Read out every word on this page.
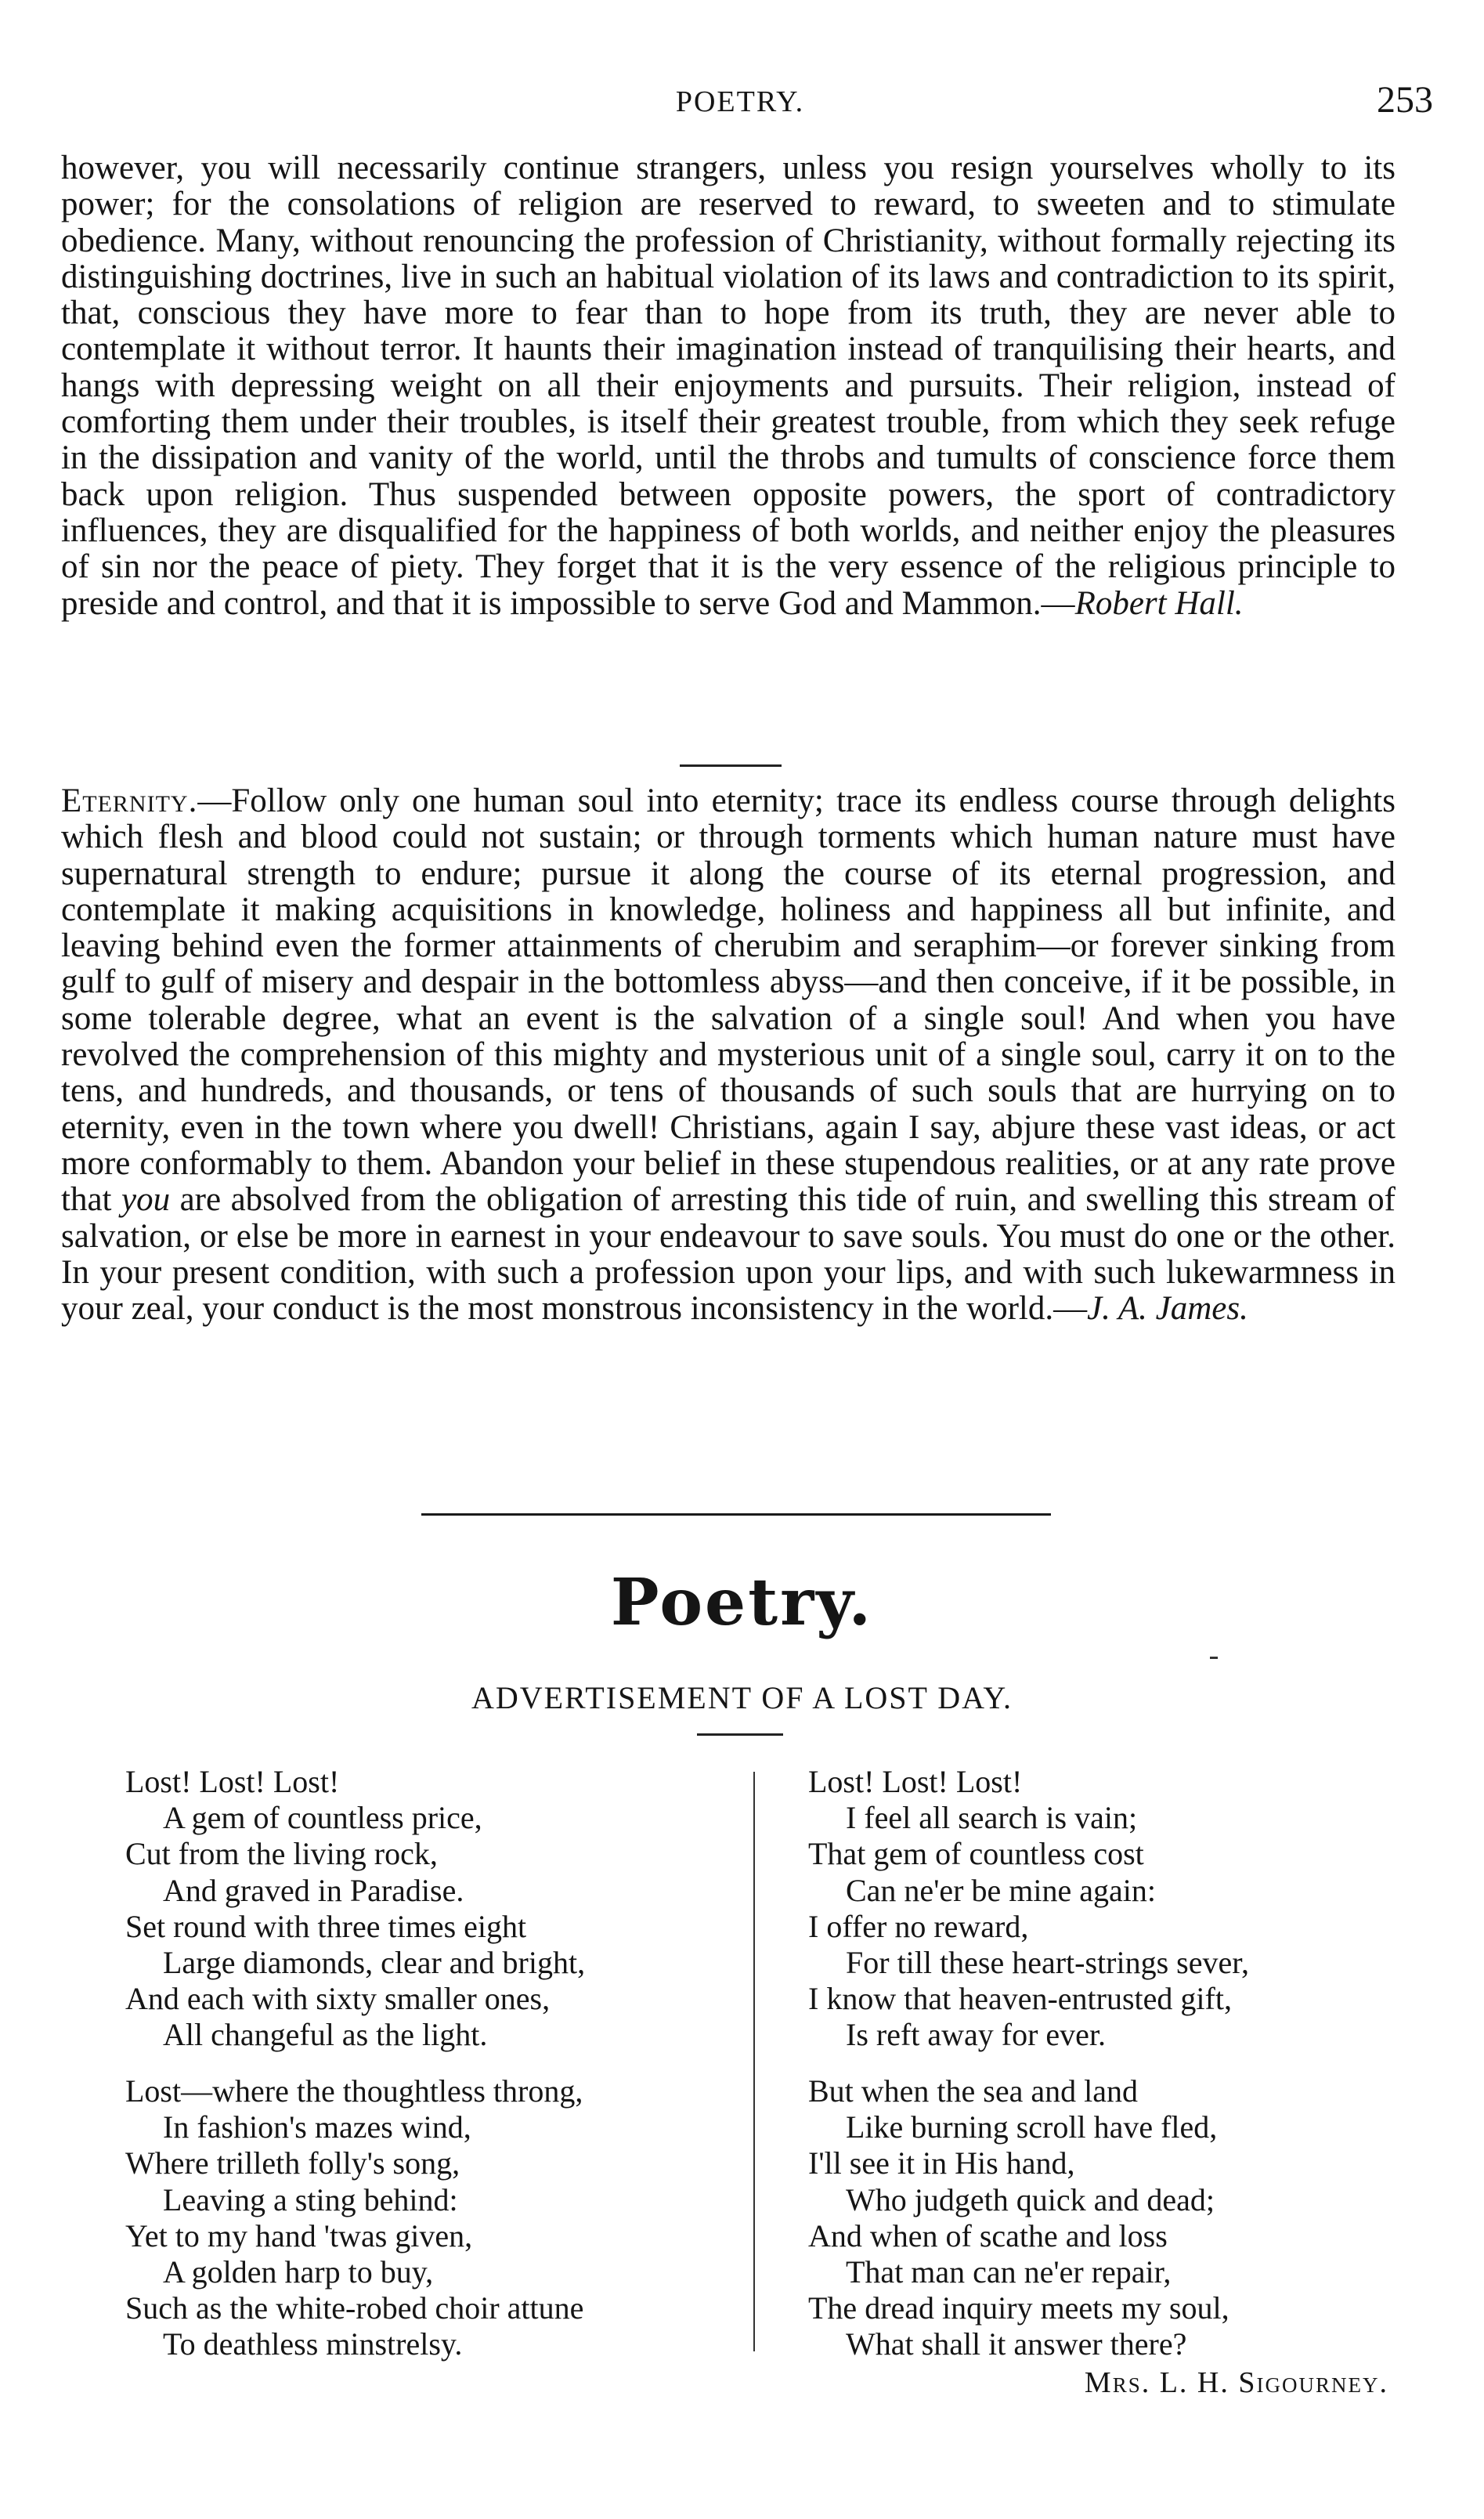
POETRY.	253

however, you will necessarily continue strangers, unless you resign yourselves wholly to its power; for the consolations of religion are reserved to reward, to sweeten and to stimulate obedience. Many, without renouncing the profession of Christianity, without formally rejecting its distinguishing doctrines, live in such an habitual violation of its laws and contradiction to its spirit, that, conscious they have more to fear than to hope from its truth, they are never able to contemplate it without terror. It haunts their imagination instead of tranquilising their hearts, and hangs with depressing weight on all their enjoyments and pursuits. Their religion, instead of comforting them under their troubles, is itself their greatest trouble, from which they seek refuge in the dissipation and vanity of the world, until the throbs and tumults of conscience force them back upon religion. Thus suspended between opposite powers, the sport of contradictory influences, they are disqualified for the happiness of both worlds, and neither enjoy the pleasures of sin nor the peace of piety. They forget that it is the very essence of the religious principle to preside and control, and that it is impossible to serve God and Mammon.—Robert Hall.

Eternity.—Follow only one human soul into eternity; trace its endless course through delights which flesh and blood could not sustain; or through torments which human nature must have supernatural strength to endure; pursue it along the course of its eternal progression, and contemplate it making acquisitions in knowledge, holiness and happiness all but infinite, and leaving behind even the former attainments of cherubim and seraphim—or forever sinking from gulf to gulf of misery and despair in the bottomless abyss—and then conceive, if it be possible, in some tolerable degree, what an event is the salvation of a single soul! And when you have revolved the comprehension of this mighty and mysterious unit of a single soul, carry it on to the tens, and hundreds, and thousands, or tens of thousands of such souls that are hurrying on to eternity, even in the town where you dwell! Christians, again I say, abjure these vast ideas, or act more conformably to them. Abandon your belief in these stupendous realities, or at any rate prove that you are absolved from the obligation of arresting this tide of ruin, and swelling this stream of salvation, or else be more in earnest in your endeavour to save souls. You must do one or the other. In your present condition, with such a profession upon your lips, and with such lukewarmness in your zeal, your conduct is the most monstrous inconsistency in the world.—J. A. James.

Poetry.
ADVERTISEMENT OF A LOST DAY.
Lost! Lost! Lost!
A gem of countless price,
Cut from the living rock,
And graved in Paradise.
Set round with three times eight
Large diamonds, clear and bright,
And each with sixty smaller ones,
All changeful as the light.
Lost—where the thoughtless throng,
In fashion's mazes wind,
Where trilleth folly's song,
Leaving a sting behind:
Yet to my hand 'twas given,
A golden harp to buy,
Such as the white-robed choir attune
To deathless minstrelsy.
Lost! Lost! Lost!
I feel all search is vain;
That gem of countless cost
Can ne'er be mine again:
I offer no reward,
For till these heart-strings sever,
I know that heaven-entrusted gift,
Is reft away for ever.
But when the sea and land
Like burning scroll have fled,
I'll see it in His hand,
Who judgeth quick and dead;
And when of scathe and loss
That man can ne'er repair,
The dread inquiry meets my soul,
What shall it answer there?
Mrs. L. H. Sigourney.
